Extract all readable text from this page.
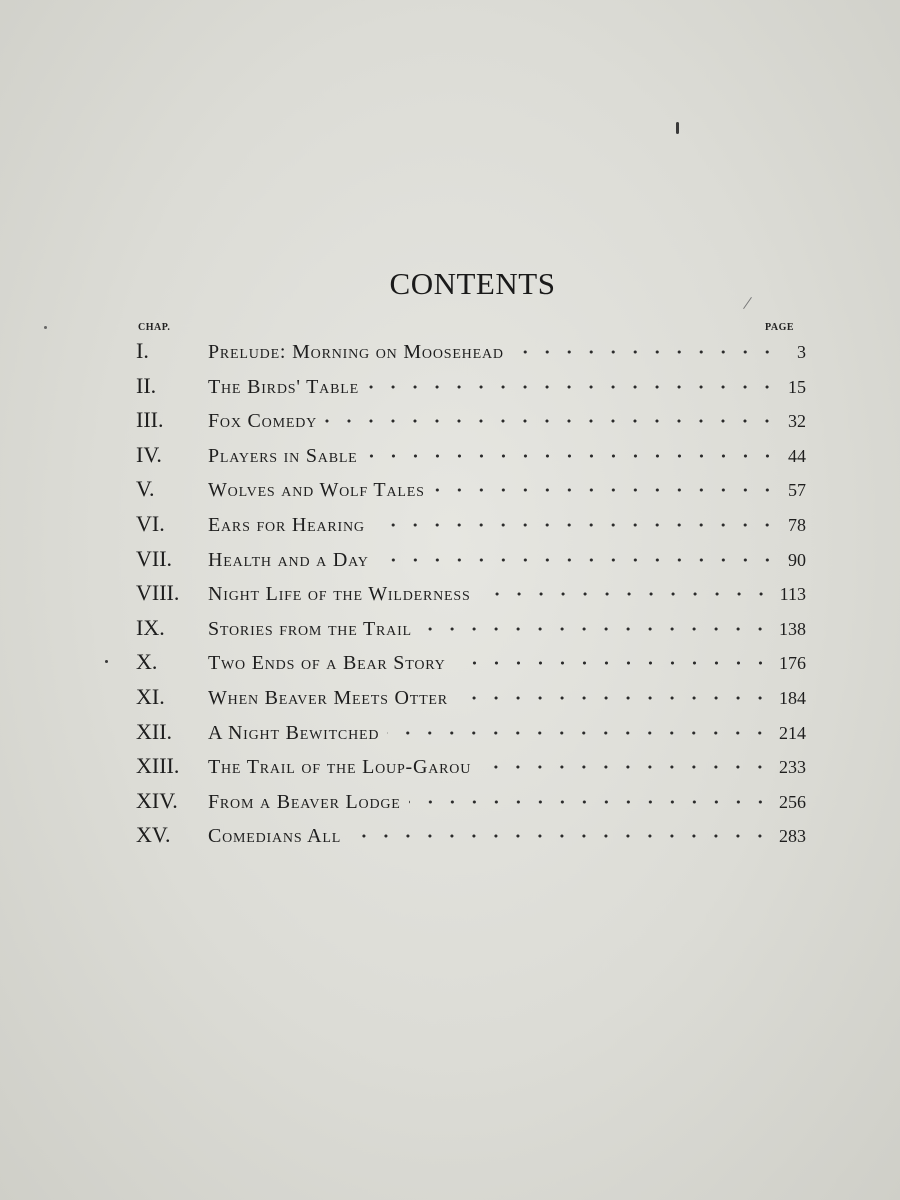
CONTENTS
CHAP.	PAGE
I.	Prelude: Morning on Moosehead	3
II.	The Birds' Table	15
III.	Fox Comedy	32
IV.	Players in Sable	44
V.	Wolves and Wolf Tales	57
VI.	Ears for Hearing	78
VII.	Health and a Day	90
VIII.	Night Life of the Wilderness	113
IX.	Stories from the Trail	138
X.	Two Ends of a Bear Story	176
XI.	When Beaver Meets Otter	184
XII.	A Night Bewitched	214
XIII.	The Trail of the Loup-Garou	233
XIV.	From a Beaver Lodge	256
XV.	Comedians All	283
